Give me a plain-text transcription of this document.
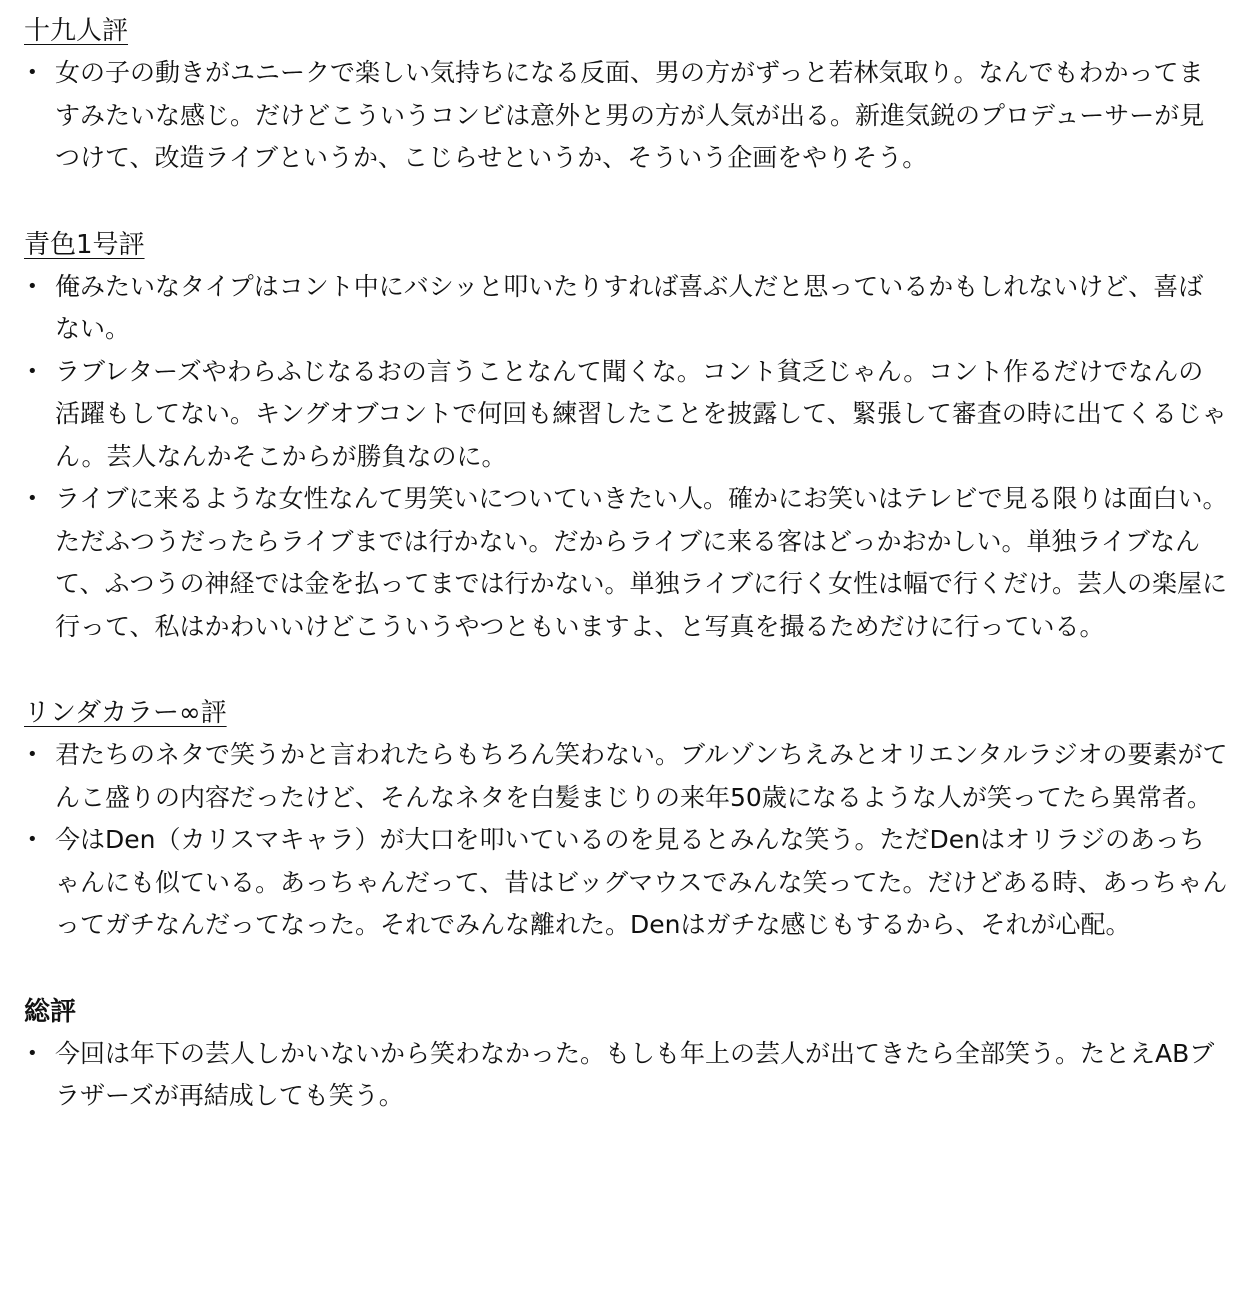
十九人評
• 女の子の動きがユニークで楽しい気持ちになる反面、男の方がずっと若林気取り。なんでもわかってますみたいな感じ。だけどこういうコンビは意外と男の方が人気が出る。新進気鋭のプロデューサーが見つけて、改造ライブというか、こじらせというか、そういう企画をやりそう。
青色1号評
• 俺みたいなタイプはコント中にバシッと叩いたりすれば喜ぶ人だと思っているかもしれないけど、喜ばない。
• ラブレターズやわらふじなるおの言うことなんて聞くな。コント貧乏じゃん。コント作るだけでなんの活躍もしてない。キングオブコントで何回も練習したことを披露して、緊張して審査の時に出てくるじゃん。芸人なんかそこからが勝負なのに。
• ライブに来るような女性なんて男笑いについていきたい人。確かにお笑いはテレビで見る限りは面白い。ただふつうだったらライブまでは行かない。だからライブに来る客はどっかおかしい。単独ライブなんて、ふつうの神経では金を払ってまでは行かない。単独ライブに行く女性は幅で行くだけ。芸人の楽屋に行って、私はかわいいけどこういうやつともいますよ、と写真を撮るためだけに行っている。
リンダカラー∞評
• 君たちのネタで笑うかと言われたらもちろん笑わない。ブルゾンちえみとオリエンタルラジオの要素がてんこ盛りの内容だったけど、そんなネタを白髪まじりの来年50歳になるような人が笑ってたら異常者。
• 今はDen（カリスマキャラ）が大口を叩いているのを見るとみんな笑う。ただDenはオリラジのあっちゃんにも似ている。あっちゃんだって、昔はビッグマウスでみんな笑ってた。だけどある時、あっちゃんってガチなんだってなった。それでみんな離れた。Denはガチな感じもするから、それが心配。
総評
• 今回は年下の芸人しかいないから笑わなかった。もしも年上の芸人が出てきたら全部笑う。たとえABブラザーズが再結成しても笑う。
